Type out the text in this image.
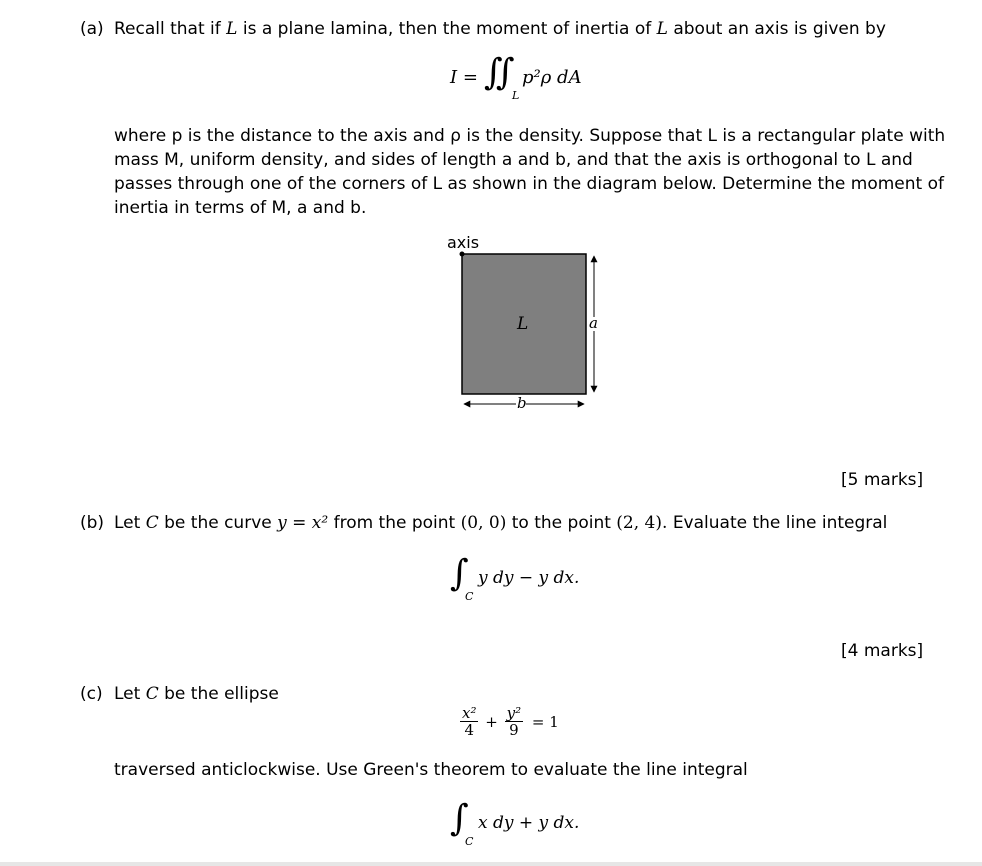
(a) Recall that if L is a plane lamina, then the moment of inertia of L about an axis is given by
I = ∬
L
p²ρ dA

where p is the distance to the axis and ρ is the density. Suppose that L is a rectangular plate with

mass M, uniform density, and sides of length a and b, and that the axis is orthogonal to L and

passes through one of the corners of L as shown in the diagram below. Determine the moment of

inertia in terms of M, a and b.

axis
L	a
b
[5 marks]
(b) Let C be the curve y = x² from the point (0, 0) to the point (2, 4). Evaluate the line integral
∫
C
y dy − y dx.
[4 marks]
(c) Let C be the ellipse
$\frac{\text{x²}}{4} + \frac{\text{y²}}{9} = 1$
traversed anticlockwise. Use Green's theorem to evaluate the line integral
∫
C
x dy + y dx.
